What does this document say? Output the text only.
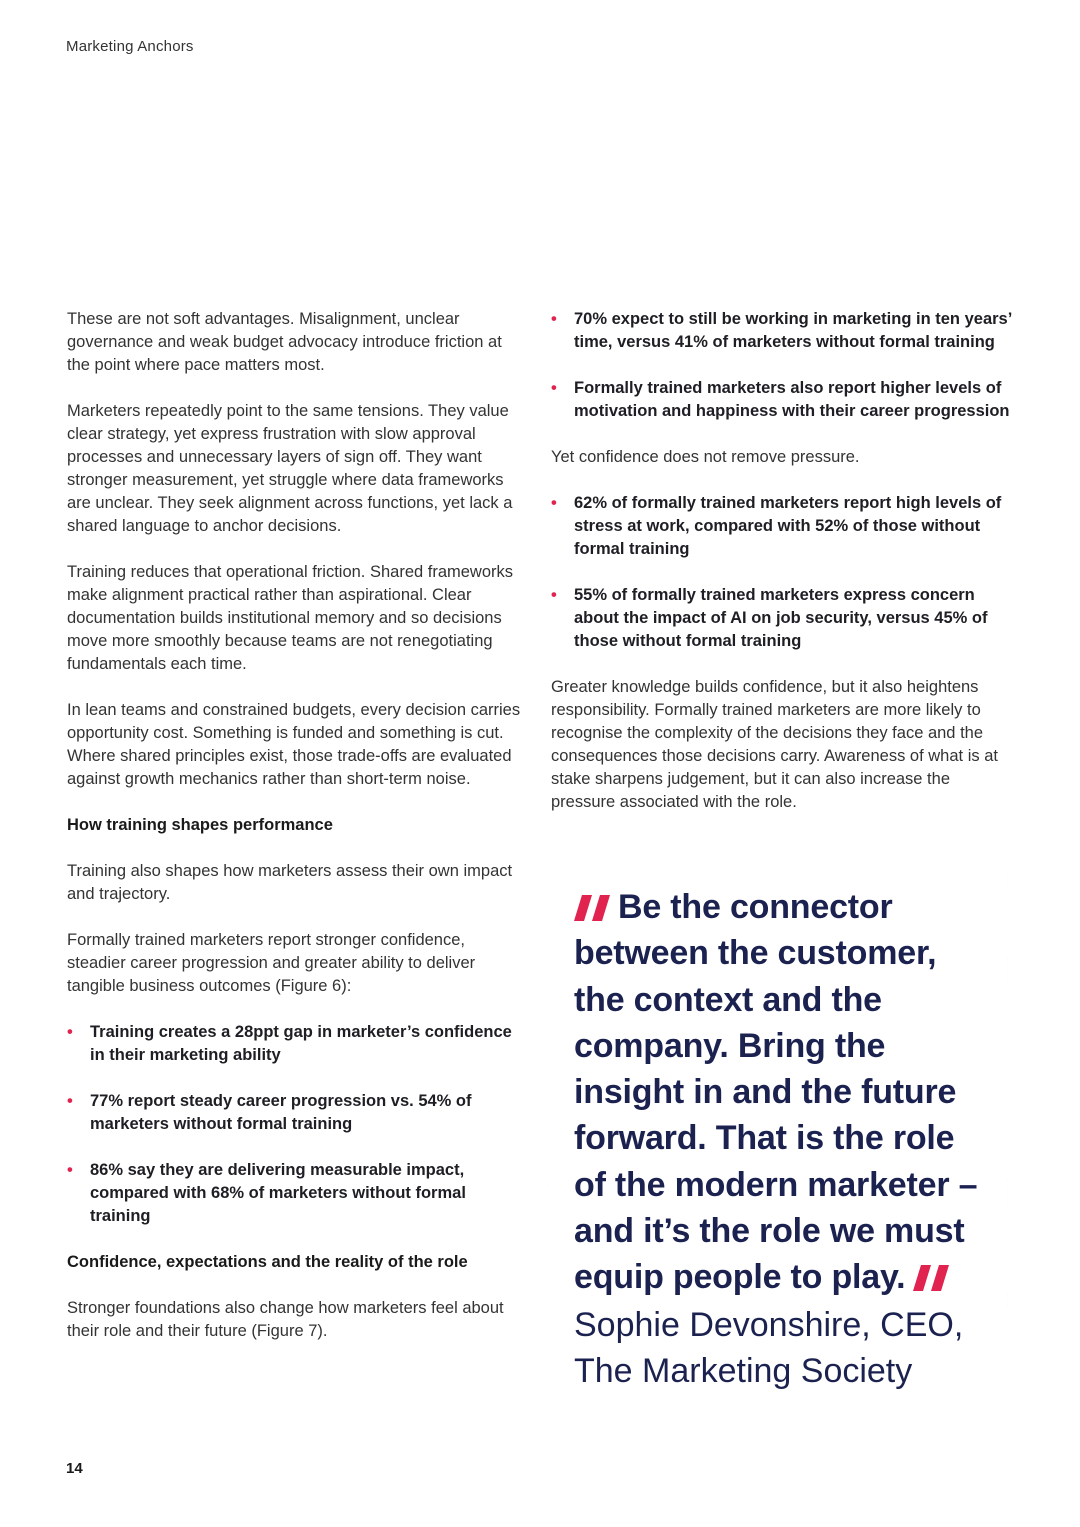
Marketing Anchors

These are not soft advantages. Misalignment, unclear governance and weak budget advocacy introduce friction at the point where pace matters most.

Marketers repeatedly point to the same tensions. They value clear strategy, yet express frustration with slow approval processes and unnecessary layers of sign off. They want stronger measurement, yet struggle where data frameworks are unclear. They seek alignment across functions, yet lack a shared language to anchor decisions.

Training reduces that operational friction. Shared frameworks make alignment practical rather than aspirational. Clear documentation builds institutional memory and so decisions move more smoothly because teams are not renegotiating fundamentals each time.

In lean teams and constrained budgets, every decision carries opportunity cost. Something is funded and something is cut. Where shared principles exist, those trade-offs are evaluated against growth mechanics rather than short-term noise.

How training shapes performance

Training also shapes how marketers assess their own impact and trajectory.

Formally trained marketers report stronger confidence, steadier career progression and greater ability to deliver tangible business outcomes (Figure 6):

• Training creates a 28ppt gap in marketer’s confidence in their marketing ability
• 77% report steady career progression vs. 54% of marketers without formal training
• 86% say they are delivering measurable impact, compared with 68% of marketers without formal training
Confidence, expectations and the reality of the role

Stronger foundations also change how marketers feel about their role and their future (Figure 7).

• 70% expect to still be working in marketing in ten years’ time, versus 41% of marketers without formal training
• Formally trained marketers also report higher levels of motivation and happiness with their career progression

Yet confidence does not remove pressure.

• 62% of formally trained marketers report high levels of stress at work, compared with 52% of those without formal training
• 55% of formally trained marketers express concern about the impact of AI on job security, versus 45% of those without formal training

Greater knowledge builds confidence, but it also heightens responsibility. Formally trained marketers are more likely to recognise the complexity of the decisions they face and the consequences those decisions carry. Awareness of what is at stake sharpens judgement, but it can also increase the pressure associated with the role.

Be the connector between the customer, the context and the company. Bring the insight in and the future forward. That is the role of the modern marketer – and it’s the role we must equip people to play.
Sophie Devonshire, CEO, The Marketing Society
14
